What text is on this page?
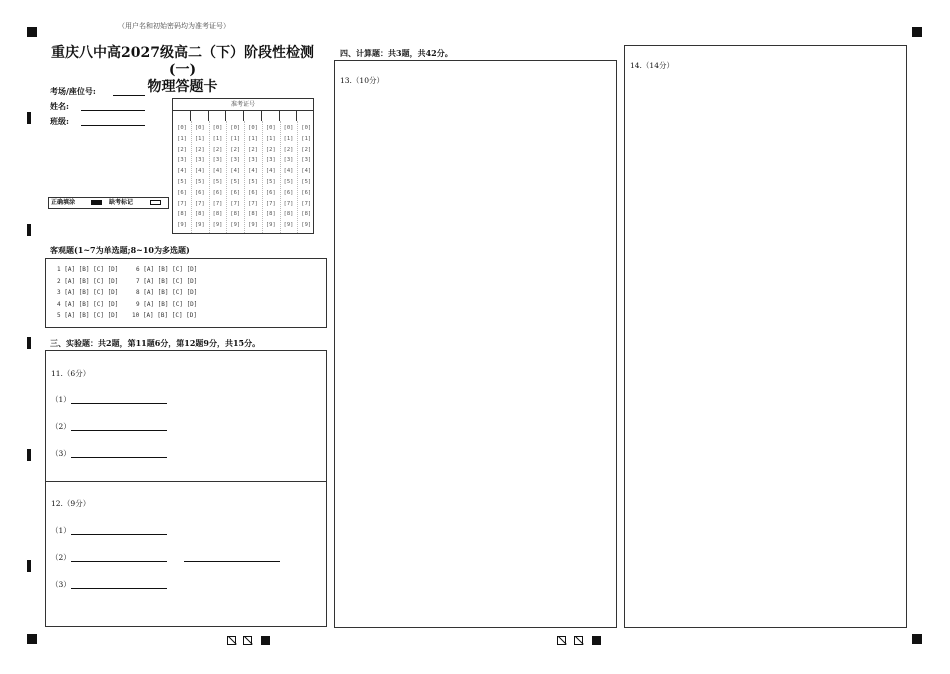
（用户名和初始密码均为准考证号）
重庆八中高2027级高二（下）阶段性检测(一)
物理答题卡
考场/座位号:
姓名:
班级:
准考证号
[0]
[1]
[2]
[3]
[4]
[5]
[6]
[7]
[8]
[9]
[0]
[1]
[2]
[3]
[4]
[5]
[6]
[7]
[8]
[9]
[0]
[1]
[2]
[3]
[4]
[5]
[6]
[7]
[8]
[9]
[0]
[1]
[2]
[3]
[4]
[5]
[6]
[7]
[8]
[9]
[0]
[1]
[2]
[3]
[4]
[5]
[6]
[7]
[8]
[9]
[0]
[1]
[2]
[3]
[4]
[5]
[6]
[7]
[8]
[9]
[0]
[1]
[2]
[3]
[4]
[5]
[6]
[7]
[8]
[9]
[0]
[1]
[2]
[3]
[4]
[5]
[6]
[7]
[8]
[9]
正确填涂	缺考标记
客观题(1~7为单选题;8~10为多选题)
1 [A] [B] [C] [D]
2 [A] [B] [C] [D]
3 [A] [B] [C] [D]
4 [A] [B] [C] [D]
5 [A] [B] [C] [D]
6 [A] [B] [C] [D]
7 [A] [B] [C] [D]
8 [A] [B] [C] [D]
9 [A] [B] [C] [D]
10 [A] [B] [C] [D]
三、实验题：共2题，第11题6分，第12题9分，共15分。
11.（6分）
（1）
（2）
（3）
12.（9分）
（1）
（2）
（3）
四、计算题：共3题，共42分。
13.（10分）
14.（14分）
